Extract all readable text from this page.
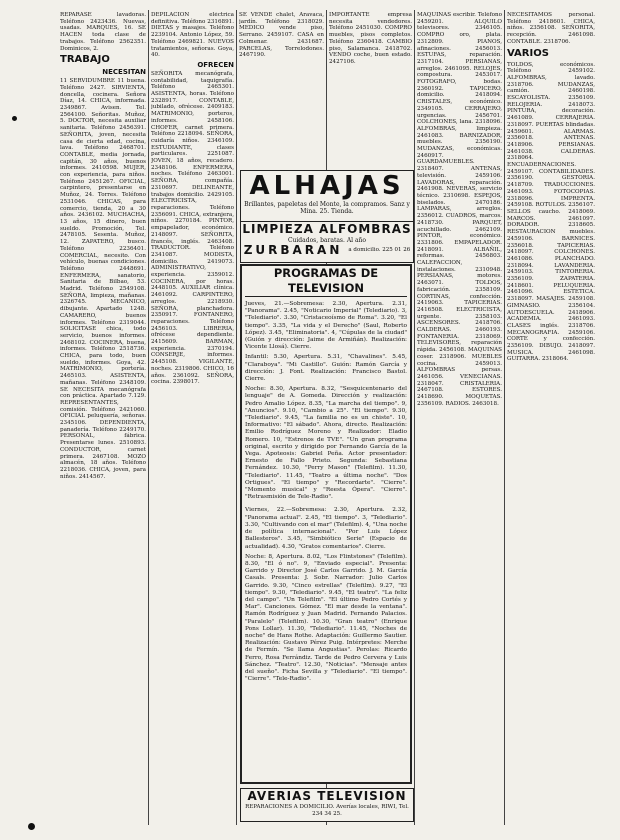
REPARASE lavadoras. Teléfono 2423436. Nuevas, usadas. MARQUES, 16. SE HACEN toda clase de trabajos. Teléfono 2562351. Dominicos, 2.

TRABAJO
NECESITAN

11 SERVIDUMBRE 11 buena. Teléfono 2427. SIRVIENTA, doncella, cocinera. Señora Díaz, 14. CHICA, informada. 2349867. Avisen. Tel. 2564100. Señoritas. Muñoz, 5. DOCTOR, necesita auxiliar sanitaria. Teléfono 2456391. SEÑORITA, joven, necesita casa de cierta edad, cocina, lava. Teléfono 2468701. CONTABLE, media jornada, capitán, 30 años, buenos informes. 2410598. MUJER, con experiencia, para niños. Teléfono 2451267. OFICIAL, carpintero, presentarse en Muñoz, 24. Torres. Teléfono 2531046. CHICAS, para comercio, tienda, 20 a 30 años. 2436102. MUCHACHA, 13 años, 15 dinero, buen sueldo. Promoción, Tel. 2478105. Sesenta. Muñoz, 12. ZAPATERO, busco. Teléfono 2236401. COMERCIAL, necesito. Con vehículo, buenas condiciones. Teléfono 2448691. ENFERMERA, sanatorio, Sanitaria de Bilbao, 53. Madrid. Teléfono 2549108. SEÑORA, limpieza, mañanas. 2326745. MECANICO, dibujante. Apartado 1248. CAMARERO, buenos informes. Teléfono 2319044. SOLICITASE chica, todo servicio, buenos informes. 2468102. COCINERA, buena, informes. Teléfono 2518736. CHICA, para todo, buen sueldo, informes. Goya, 42. MATRIMONIO, portería. 2465103. ASISTENTA, mañanas. Teléfono 2348109. SE NECESITA mecanógrafa con práctica. Apartado 7.129. REPRESENTANTES, comisión. Teléfono 2421060. OFICIAL peluquería, señoras. 2345106. DEPENDIENTA, panadería. Teléfono 2249170. PERSONAL, fábrica. Presentarse lunes. 2510893. CONDUCTOR, carnet primera. 2467108. MOZO almacén, 18 años. Teléfono 2218036. CHICA, joven, para niños. 2414567.

DEPILACION eléctrica definitiva. Teléfono 2316891. DIETAS y masajes. Teléfono 2239104. Antonio López, 59. Teléfono 2469821. NUEVOS tratamientos, señoras. Goya, 40.

OFRECEN

SEÑORITA mecanógrafa, contabilidad, taquigrafía. Teléfono 2465301. ASISTENTA, horas. Teléfono 2328917. CONTABLE, jubilado, ofrécese. 2409183. MATRIMONIO, porteros, informes. 2458106. CHOFER, carnet primera. Teléfono 2218094. SEÑORA, cuidaría niños. 2346109. ESTUDIANTE, clases particulares. 2251087. JOVEN, 18 años, recadero. 2348106. ENFERMERA, noches. Teléfono 2463001. SEÑORA, compañía. 2310697. DELINEANTE, trabajos domicilio. 2429105. ELECTRICISTA, reparaciones. Teléfono 2356091. CHICA, extranjera, niños. 2270184. PINTOR, empapelador, económico. 2148097. SEÑORITA, francés, inglés. 2463408. TRADUCTOR. Teléfono 2341087. MODISTA, domicilio. 2419073. ADMINISTRATIVO, experiencia. 2359012. COCINERA, por horas. 2448105. AUXILIAR clínica. 2461092. CARPINTERO, arreglos. 2218930. SEÑORA, planchadora. 2350917. FONTANERO, reparaciones. Teléfono 2456103. LIBRERIA, ofrécese dependiente. 2415609. BARMAN, experiencia. 2370194. CONSERJE, informes. 2445108. VIGILANTE, noches. 2319806. CHICO, 16 años. 2361092. SEÑORA, cocina. 2398017.

SE VENDE chalet, Aravaca, jardín. Teléfono 2318029. MEDICO vende piso, Serrano. 2459107. CASA en Colmenar. 2431687. PARCELAS, Torrelodones. 2467190.

IMPORTANTE empresa necesita vendedores. Teléfono 2451030. COMPRO muebles, pisos completos. Teléfono 2360418. CAMBIO piso, Salamanca. 2418702. VENDO coche, buen estado. 2427106.

MAQUINAS escribir. Teléfono 2459201. ALQUILO televisores. 2346105. COMPRO oro, plata. 2312809. PIANOS, afinaciones. 2456013. ESTUFAS, reparación. 2317104. PERSIANAS, arreglos. 2461095. RELOJES, compostura. 2453017. FOTOGRAFO, bodas. 2360192. TAPICERO, domicilio. 2418094. CRISTALES, económico. 2349105. CERRAJERO, urgencias. 2456701. COLCHONES, lana. 2318096. ALFOMBRAS, limpieza. 2461083. BARNIZADOR, muebles. 2356190. MUDANZAS, económicas. 2460917. GUARDAMUEBLES. 2318407. ANTENAS, televisión. 2459106. LAVADORAS, reparación. 2461908. NEVERAS, servicio técnico. 2310698. ESPEJOS, biselados. 2470186. LAMPARAS, arreglos. 2356012. CUADROS, marcos. 2418730. PARQUET, acuchillado. 2462109. PINTOR, económico. 2331806. EMPAPELADOR. 2418091. ALBAÑIL, reformas. 2456803. CALEFACCION, instalaciones. 2310948. PERSIANAS, motores. 2463071. TOLDOS, fabricación. 2358109. CORTINAS, confección. 2419063. TAPICERIAS. 2416508. ELECTRICISTA, urgente. 2358103. ASCENSORES. 2418706. CALDERAS. 2460193. FONTANERIA. 2318069. TELEVISORES, reparación rápida. 2456108. MAQUINAS coser. 2318906. MUEBLES cocina. 2459013. ALFOMBRAS persas. 2461056. VENECIANAS. 2318047. CRISTALERIA. 2467108. ESTORES. 2418690. MOQUETAS. 2356109. RADIOS. 2463018.

NECESITAMOS personal. Teléfono 2418601. CHICA, niños. 2356108. SEÑORITA, recepción. 2461098. CONTABLE. 2318706.

VARIOS

TOLDOS, económicos. Teléfono 2459102. ALFOMBRAS, lavado. 2318706. MUDANZAS, camión. 2460198. ESCAYOLISTA. 2356109. RELOJERIA. 2418073. PINTURA, decoración. 2461089. CERRAJERIA. 2318097. PUERTAS blindadas. 2459601. ALARMAS. 2356018. ANTENAS. 2418906. PERSIANAS. 2461038. CALDERAS. 2318064. ENCUADERNACIONES. 2459107. CONTABILIDADES. 2356190. GESTORIA. 2418709. TRADUCCIONES. 2461093. FOTOCOPIAS. 2318096. IMPRENTA. 2459108. ROTULOS. 2356107. SELLOS caucho. 2418069. MARCOS. 2461097. DORADOR. 2318605. RESTAURACION muebles. 2459106. BARNICES. 2356018. TAPICERIAS. 2418097. COLCHONES. 2461086. PLANCHADO. 2318094. LAVANDERIA. 2459103. TINTORERIA. 2356109. ZAPATERIA. 2418601. PELUQUERIA. 2461096. ESTETICA. 2318097. MASAJES. 2459108. GIMNASIO. 2356104. AUTOESCUELA. 2418906. ACADEMIA. 2461093. CLASES inglés. 2318706. MECANOGRAFIA. 2459106. CORTE y confección. 2356109. DIBUJO. 2418097. MUSICA. 2461098. GUITARRA. 2318064.

ALHAJAS

Brillantes, papeletas del Monte, la compramos. Sanz y Mina. 25. Tienda.

LIMPIEZA ALFOMBRAS

Cuidados, baratas. Al año

ZURBARAN a domicilio. 225 01 26
PROGRAMAS DE TELEVISION

Jueves, 21.—Sobremesa: 2.30, Apertura. 2.31, "Panorama". 2.45, "Noticario Imperial" (Telediario). 3, "Telediario". 3.30, "Cristaceoísmo de Roma". 3.20, "El tiempo". 3.35, "La vida y el Derecho" (Saul, Roberto López). 3.45, "Eliminatoria". 4, "Cúpulas de la ciudad" (Guión y dirección: Jaime de Armiñán). Realización: Vicente Llosá). Cierre.

Infantil: 5.30, Apertura. 5.31, "Chavalines". 5.45, "Claraboya". "Mi Castillo". Guión: Ramón García y dirección: J. Font. Realización: Francisco Bastol. Cierre.

Noche: 8.30, Apertura. 8.32, "Sesquicentenario del lenguaje" de A. Gomeda. Dirección y realización: Pedro Amalio López. 8.35, "La marcha del tiempo". 9, "Anuncios". 9.10, "Cambio a 25". "El tiempo". 9.30, "Telediario". 9.45, "La familia no es un chiste". 10, Informativo: "El sábado". Ahora, directo. Realización: Emilio Rodríguez Moreno y Realizador: Eladio Romero. 10, "Estrenos de TVE". "Un gran programa original, escrito y dirigido por Fernando García de la Vega. Apoteosis: Gabriel Peña. Actor presentador: Ernesto de Fallo Prieto. Segunda: Sebastiana Fernández. 10.30, "Perry Mason" (Telefilm). 11.30, "Telediario". 11.45, "Teatro a última noche". "Dos Ortigues". "El tiempo" y "Recordarte". "Cierre". "Momento musical" y "Reesta Ópera". "Cierre". "Retrasmisión de Tele-Radio".

Viernes, 22.—Sobremesa: 2.30, Apertura. 2.32, "Panorama actual". 2.45, "El tiempo". 3, "Telediario". 3.30, "Cultivando con el mar" (Telefilm). 4, "Una noche de política internacional". "Por Luis López Ballesteros". 3.45, "Simbiótico Serie" (Espacio de actualidad). 4.30, "Gratos comentarios". Cierre.

Noche: 8, Apertura. 8.02, "Los Flintstones" (Telefilm). 8.30, "El ó no". 9, "Enviado especial". Presenta: Garrido y Director José Carlos Garrido. J. M. García Casals. Presenta: J. Sobr. Narrador: Julio Carlos Garrido. 9.30, "Cinco estrellas" (Telefilm). 9.27, "El tiempo". 9.30, "Telediario". 9.45, "El teatro". "La feliz del campo". "Un Telefilm". "El último Pedro Cortés y Mar". Canciones. Gómez. "El mar desde la ventana". Ramón Rodríguez y Juan Madrid. Fernando Palacios. "Paralelo" (Telefilm). 10.30, "Gran teatro" (Enrique Pons Lollar). 11.30, "Telediario". 11.45, "Noches de noche" de Hans Rothe. Adaptación: Guillermo Sautier. Realización: Gustavo Pérez Puig. Intérpretes: Merche de Fermín. "Se llama Angustias". Perolas: Ricardo Ferro, Rosa Ferrándiz. Tarde de Pedro Cervera y Luis Sánchez. "Teatro". 12.30, "Noticias". "Mensaje antes del sueño". Ficha Sevilla y "Telediario". "El tiempo". "Cierre". "Tele-Radio".

AVERIAS TELEVISION

REPARACIONES A DOMICILIO. Averías locales, RIWI, Tel. 234 34 25.
